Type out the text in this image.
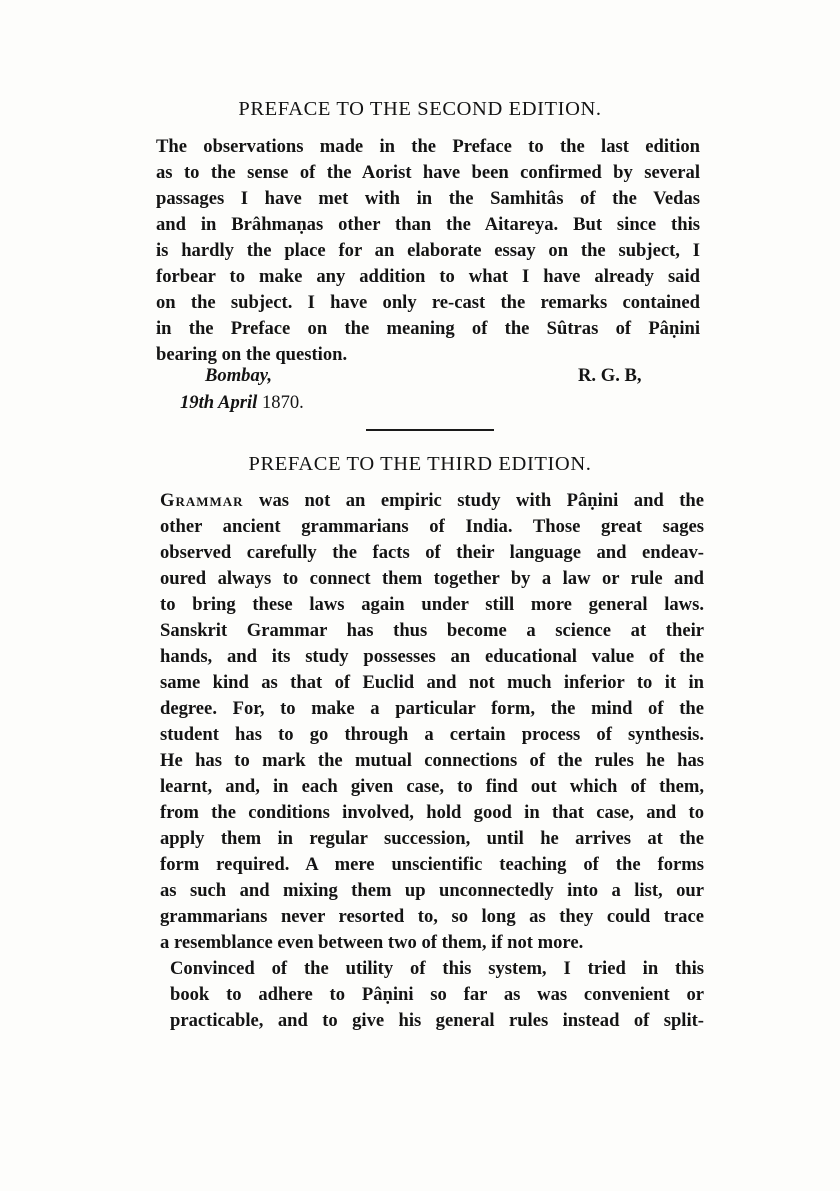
PREFACE TO THE SECOND EDITION.
The observations made in the Preface to the last edition
as to the sense of the Aorist have been confirmed by several
passages I have met with in the Samhitâs of the Vedas
and in Brâhmaṇas other than the Aitareya. But since this
is hardly the place for an elaborate essay on the subject, I
forbear to make any addition to what I have already said
on the subject. I have only re-cast the remarks contained
in the Preface on the meaning of the Sûtras of Pâṇini
bearing on the question.

Bombay,	R. G. B,

19th April 1870.

PREFACE TO THE THIRD EDITION.
Grammar was not an empiric study with Pâṇini and the
other ancient grammarians of India. Those great sages
observed carefully the facts of their language and endeav-
oured always to connect them together by a law or rule and
to bring these laws again under still more general laws.
Sanskrit Grammar has thus become a science at their
hands, and its study possesses an educational value of the
same kind as that of Euclid and not much inferior to it in
degree. For, to make a particular form, the mind of the
student has to go through a certain process of synthesis.
He has to mark the mutual connections of the rules he has
learnt, and, in each given case, to find out which of them,
from the conditions involved, hold good in that case, and to
apply them in regular succession, until he arrives at the
form required. A mere unscientific teaching of the forms
as such and mixing them up unconnectedly into a list, our
grammarians never resorted to, so long as they could trace
a resemblance even between two of them, if not more.
Convinced of the utility of this system, I tried in this
book to adhere to Pâṇini so far as was convenient or
practicable, and to give his general rules instead of split-
